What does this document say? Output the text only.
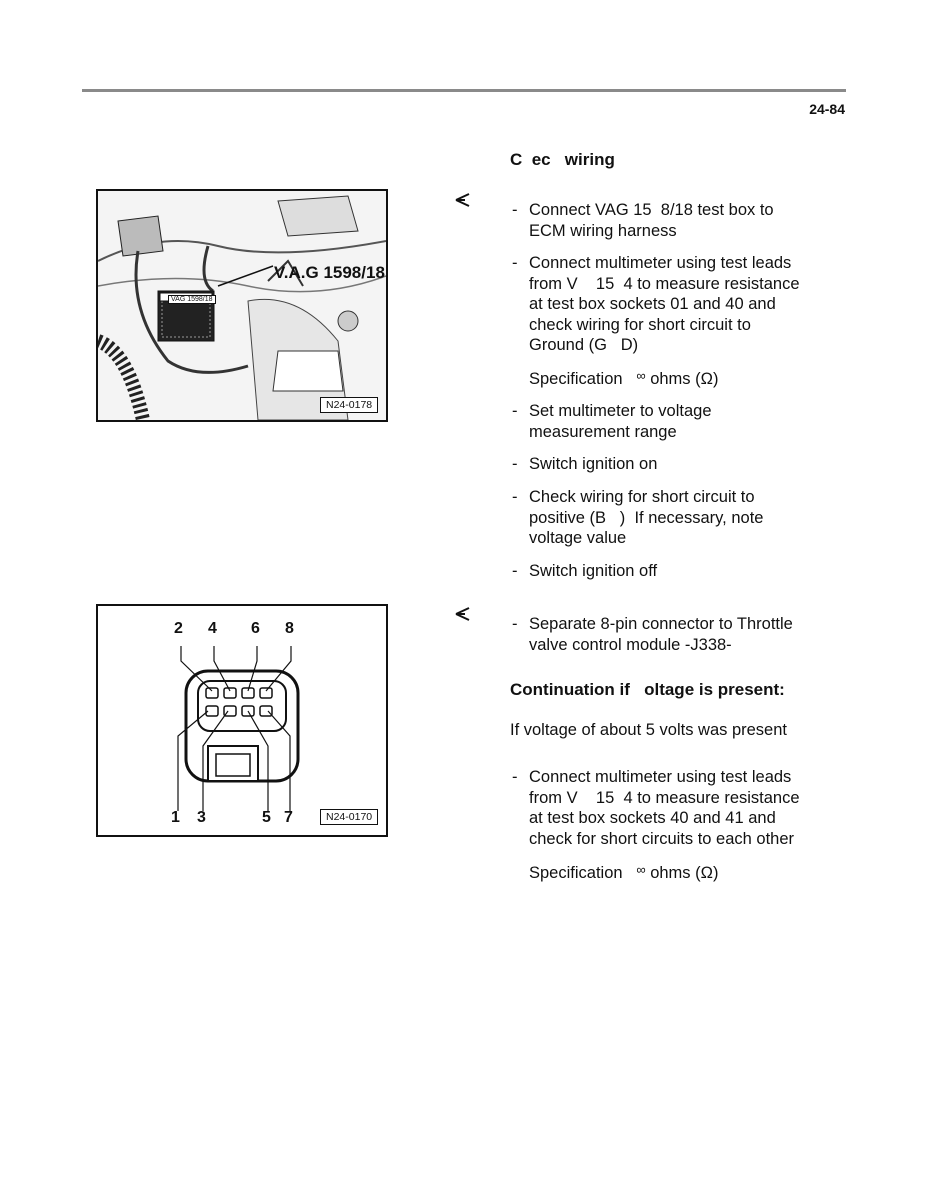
24-84
C  ec   wiring
V.A.G 1598/18
VAG 1598/18
N24-0178
- Connect VAG 15  8/18 test box to
ECM wiring harness
- Connect multimeter using test leads
from V    15  4 to measure resistance
at test box sockets 01 and 40 and
check wiring for short circuit to
Ground (G   D)
Specification ∞ ohms (Ω)
- Set multimeter to voltage
measurement range
- Switch ignition on
- Check wiring for short circuit to
positive (B   )  If necessary, note
voltage value
- Switch ignition off
2 4 6 8
1 3	5 7	N24-0170
- Separate 8-pin connector to Throttle
valve control module -J338-
Continuation if   oltage is present:
If voltage of about 5 volts was present
- Connect multimeter using test leads
from V    15  4 to measure resistance
at test box sockets 40 and 41 and
check for short circuits to each other
Specification ∞ ohms (Ω)
